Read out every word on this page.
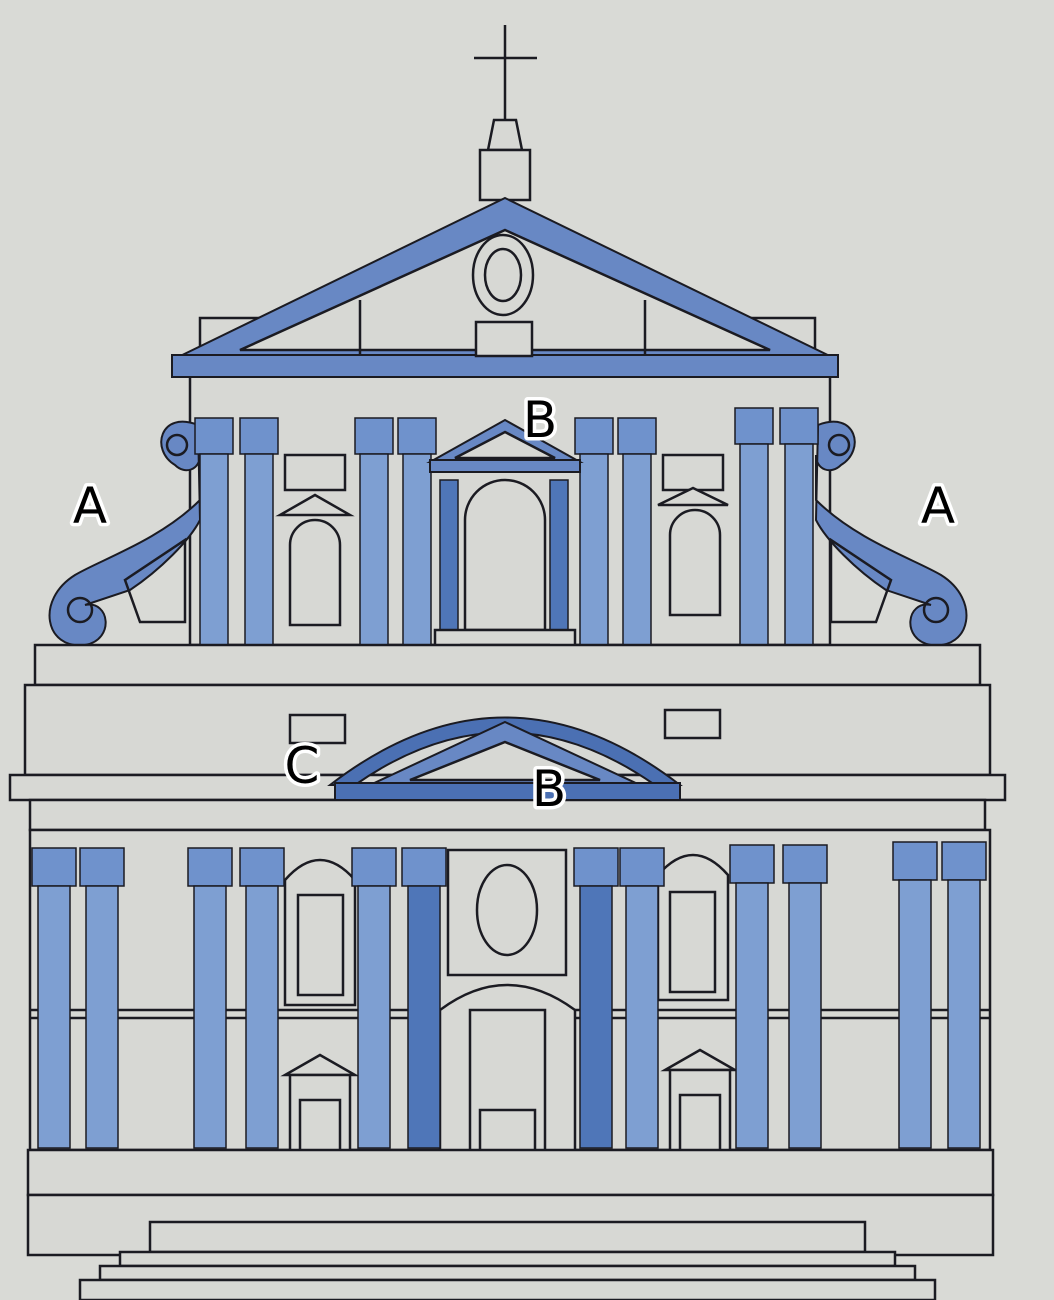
A	A
B
B
C
